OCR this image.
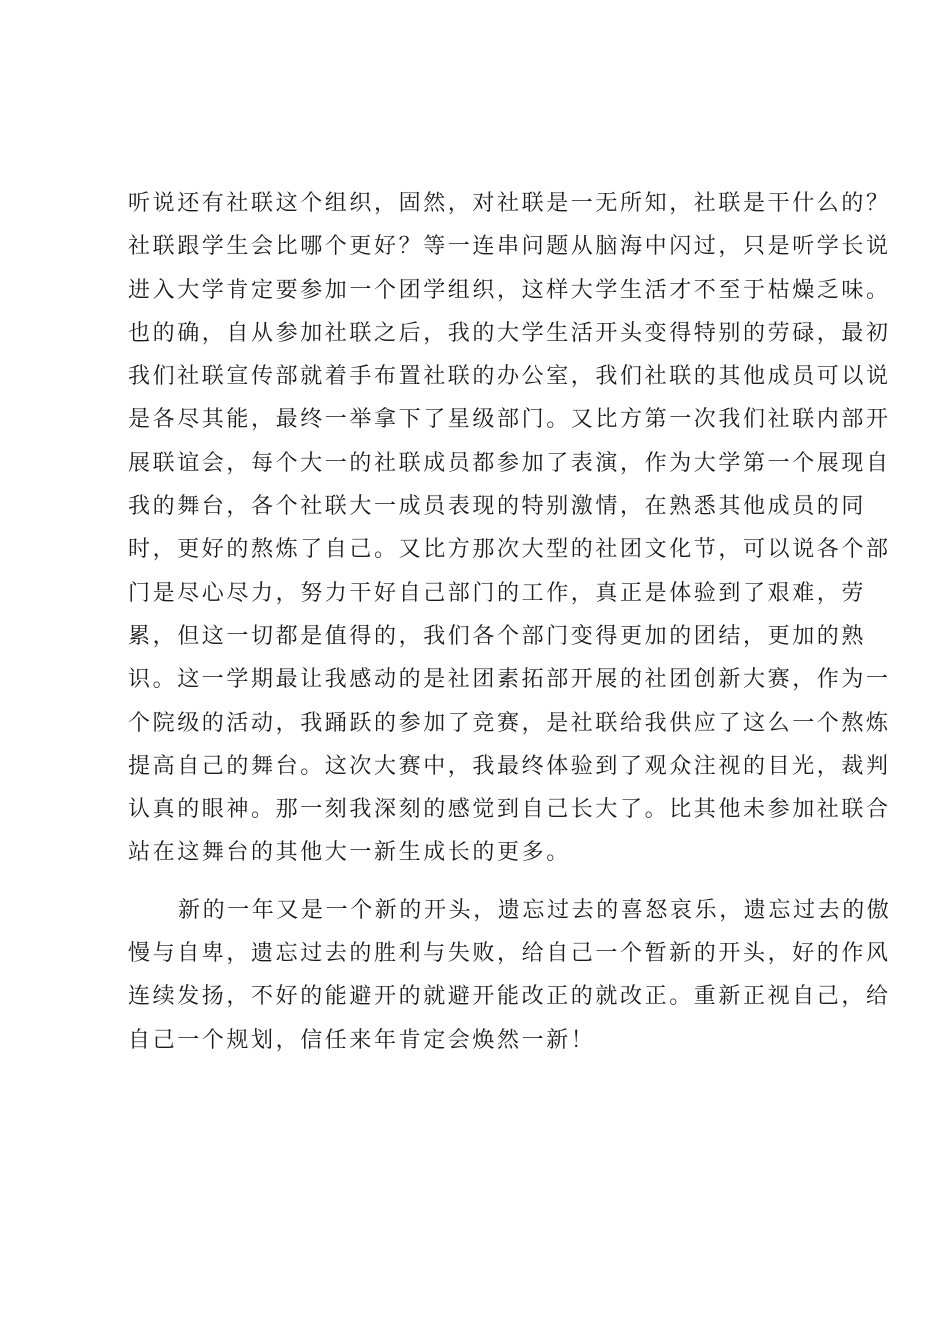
听说还有社联这个组织，固然，对社联是一无所知，社联是干什么的？
社联跟学生会比哪个更好？等一连串问题从脑海中闪过，只是听学长说
进入大学肯定要参加一个团学组织，这样大学生活才不至于枯燥乏味。
也的确，自从参加社联之后，我的大学生活开头变得特别的劳碌，最初
我们社联宣传部就着手布置社联的办公室，我们社联的其他成员可以说
是各尽其能，最终一举拿下了星级部门。又比方第一次我们社联内部开
展联谊会，每个大一的社联成员都参加了表演，作为大学第一个展现自
我的舞台，各个社联大一成员表现的特别激情，在熟悉其他成员的同
时，更好的熬炼了自己。又比方那次大型的社团文化节，可以说各个部
门是尽心尽力，努力干好自己部门的工作，真正是体验到了艰难，劳
累，但这一切都是值得的，我们各个部门变得更加的团结，更加的熟
识。这一学期最让我感动的是社团素拓部开展的社团创新大赛，作为一
个院级的活动，我踊跃的参加了竞赛，是社联给我供应了这么一个熬炼
提高自己的舞台。这次大赛中，我最终体验到了观众注视的目光，裁判
认真的眼神。那一刻我深刻的感觉到自己长大了。比其他未参加社联合
站在这舞台的其他大一新生成长的更多。
新的一年又是一个新的开头，遗忘过去的喜怒哀乐，遗忘过去的傲
慢与自卑，遗忘过去的胜利与失败，给自己一个暂新的开头，好的作风
连续发扬，不好的能避开的就避开能改正的就改正。重新正视自己，给
自己一个规划，信任来年肯定会焕然一新！
